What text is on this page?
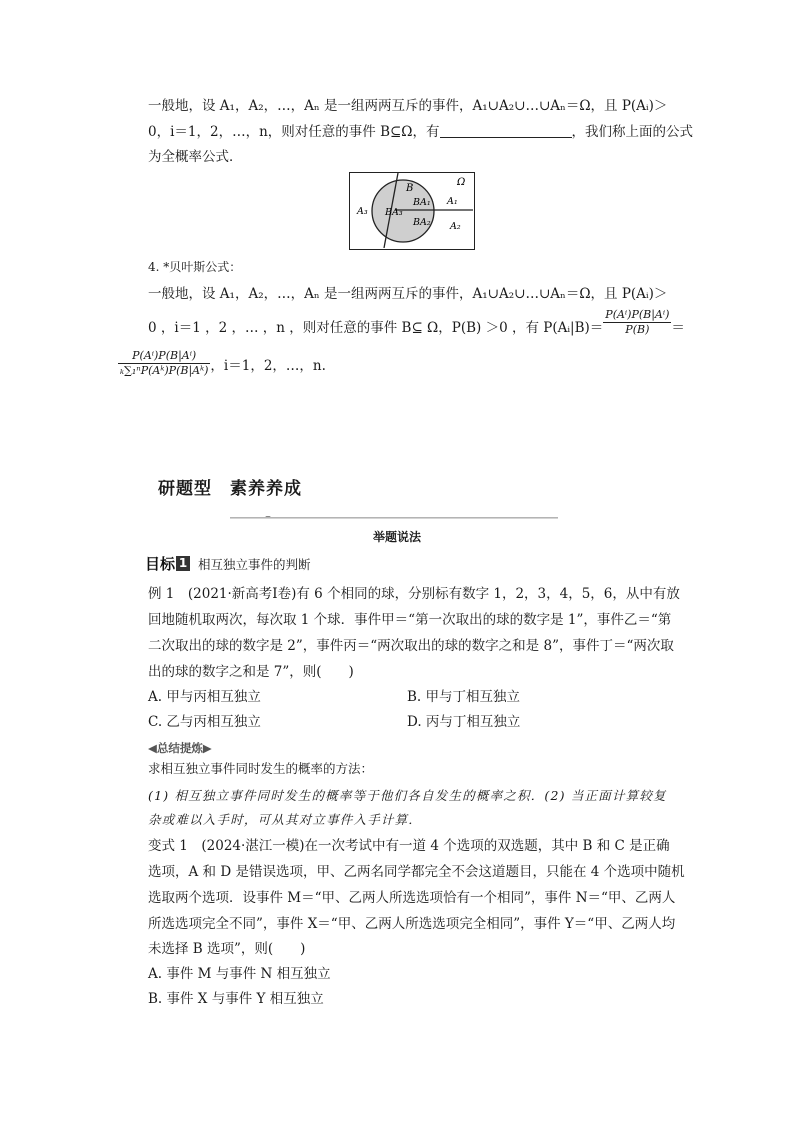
一般地，设 A₁，A₂，…，Aₙ 是一组两两互斥的事件，A₁∪A₂∪…∪Aₙ＝Ω，且 P(Aᵢ)＞
0，i＝1，2，…，n，则对任意的事件 B⊆Ω，有	，我们称上面的公式
为全概率公式．
Ω
A₃
A₁
A₂
B
BA₁
BA₂
BA₃
4. *贝叶斯公式：
一般地，设 A₁，A₂，…，Aₙ 是一组两两互斥的事件，A₁∪A₂∪…∪Aₙ＝Ω，且 P(Aᵢ)＞
0 ，i＝1 ，2 ，… ，n ，则对任意的事件 B⊆ Ω，P(B) ＞0 ，有 P(Aᵢ|B)＝ $\frac{\text{P(Aⁱ)P(B|Aⁱ)}}{P(B)}$ ＝
$\frac{\text{P(Aⁱ)P(B|Aⁱ)}}{\text{ₖ∑₁ⁿP(Aᵏ)P(B|Aᵏ)}}$ ，i＝1，2，…，n.
研题型　素养养成
举题说法
目标 1 相互独立事件的判断
例 1　(2021·新高考Ⅰ卷)有 6 个相同的球，分别标有数字 1，2，3，4，5，6，从中有放
回地随机取两次，每次取 1 个球．事件甲＝“第一次取出的球的数字是 1”，事件乙＝“第
二次取出的球的数字是 2”，事件丙＝“两次取出的球的数字之和是 8”，事件丁＝“两次取
出的球的数字之和是 7”，则(　　)
A. 甲与丙相互独立	B. 甲与丁相互独立
C. 乙与丙相互独立	D. 丙与丁相互独立
◀总结提炼▶
求相互独立事件同时发生的概率的方法：
(1) 相互独立事件同时发生的概率等于他们各自发生的概率之积．(2) 当正面计算较复
杂或难以入手时，可从其对立事件入手计算．
变式 1　(2024·湛江一模)在一次考试中有一道 4 个选项的双选题，其中 B 和 C 是正确
选项，A 和 D 是错误选项，甲、乙两名同学都完全不会这道题目，只能在 4 个选项中随机
选取两个选项．设事件 M＝“甲、乙两人所选选项恰有一个相同”，事件 N＝“甲、乙两人
所选选项完全不同”，事件 X＝“甲、乙两人所选选项完全相同”，事件 Y＝“甲、乙两人均
未选择 B 选项”，则(　　)
A. 事件 M 与事件 N 相互独立
B. 事件 X 与事件 Y 相互独立
